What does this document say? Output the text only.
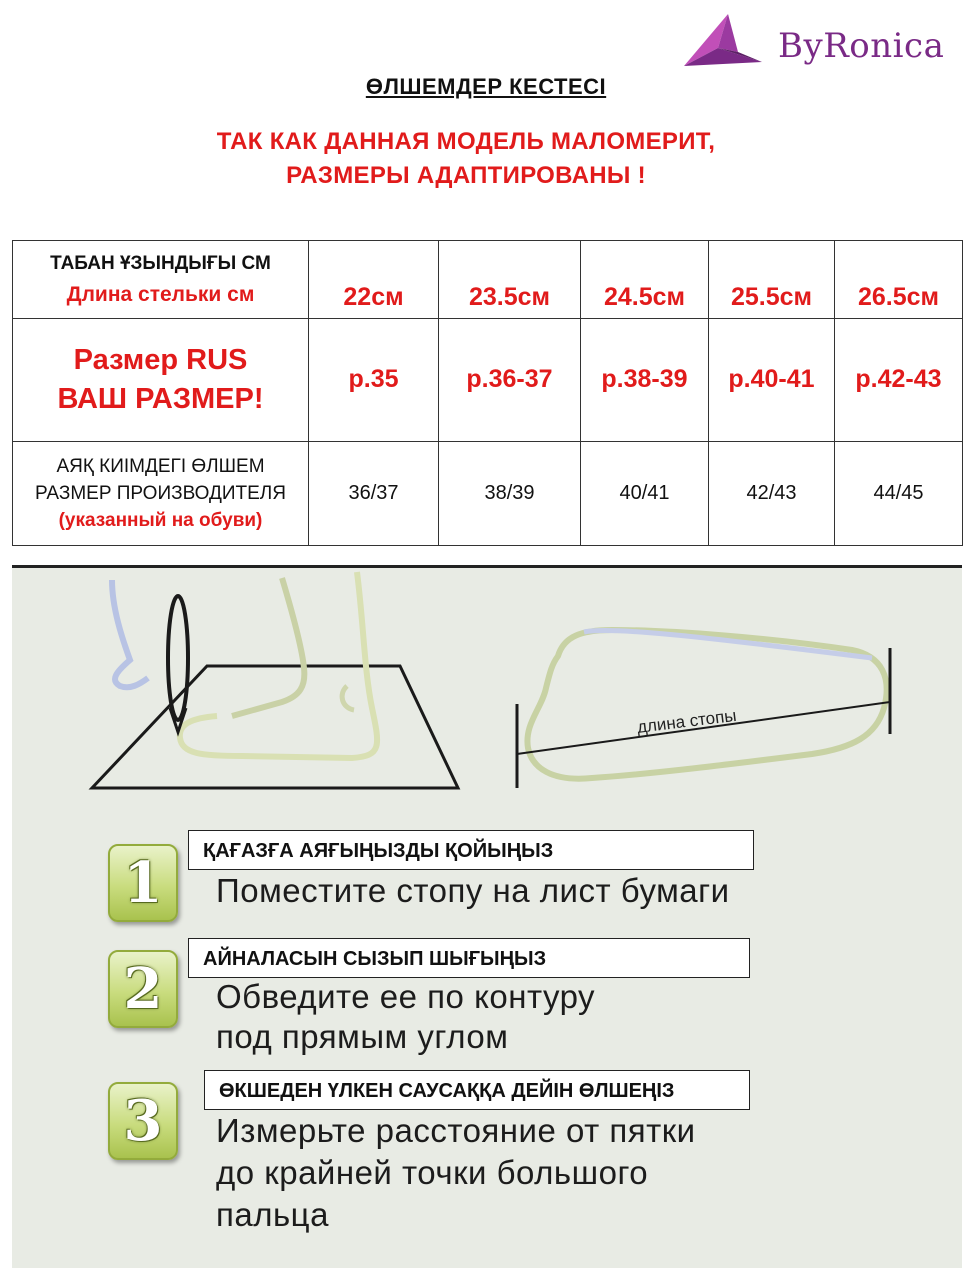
ByRonica
ӨЛШЕМДЕР КЕСТЕСІ
ТАК КАК ДАННАЯ МОДЕЛЬ МАЛОМЕРИТ,
РАЗМЕРЫ АДАПТИРОВАНЫ !
ТАБАН ҰЗЫНДЫҒЫ СМ
Длина стельки см	22см	23.5см	24.5см	25.5см	26.5см

Размер RUS
ВАШ РАЗМЕР!	р.35	р.36-37	р.38-39	р.40-41	р.42-43

АЯҚ КИІМДЕГІ ӨЛШЕМ
РАЗМЕР ПРОИЗВОДИТЕЛЯ
(указанный на обуви)	36/37	38/39	40/41	42/43	44/45
длина стопы
1	ҚАҒАЗҒА АЯҒЫҢЫЗДЫ ҚОЙЫҢЫЗ
Поместите стопу на лист бумаги
2	АЙНАЛАСЫН СЫЗЫП ШЫҒЫҢЫЗ
Обведите ее по контуру
под прямым углом
3	ӨКШЕДЕН ҮЛКЕН САУСАҚҚА ДЕЙІН ӨЛШЕҢІЗ
Измерьте расстояние от пятки
до крайней точки большого
пальца
